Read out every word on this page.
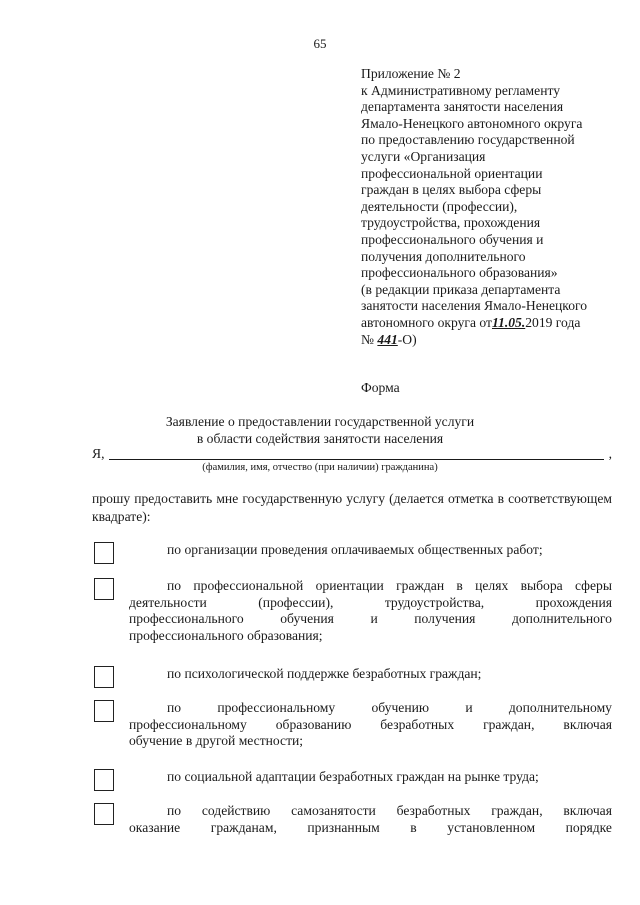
65
Приложение № 2
к Административному регламенту
департамента занятости населения
Ямало-Ненецкого автономного округа
по предоставлению государственной
услуги «Организация
профессиональной ориентации
граждан в целях выбора сферы
деятельности (профессии),
трудоустройства, прохождения
профессионального обучения и
получения дополнительного
профессионального образования»
(в редакции приказа департамента
занятости населения Ямало-Ненецкого
автономного округа от11.05.2019 года
№ 441-О)
Форма
Заявление о предоставлении государственной услуги
в области содействия занятости населения
Я,	,
(фамилия, имя, отчество (при наличии) гражданина)
прошу предоставить мне государственную услугу (делается отметка в соответствующем квадрате):
по организации проведения оплачиваемых общественных работ;
по профессиональной ориентации граждан в целях выбора сферы
деятельности	(профессии),	трудоустройства,	прохождения
профессионального	обучения	и	получения	дополнительного
профессионального образования;
по психологической поддержке безработных граждан;
по	профессиональному	обучению	и	дополнительному
профессиональному образованию безработных граждан, включая
обучение в другой местности;
по социальной адаптации безработных граждан на рынке труда;
по содействию самозанятости безработных граждан, включая
оказание гражданам, признанным в установленном порядке
